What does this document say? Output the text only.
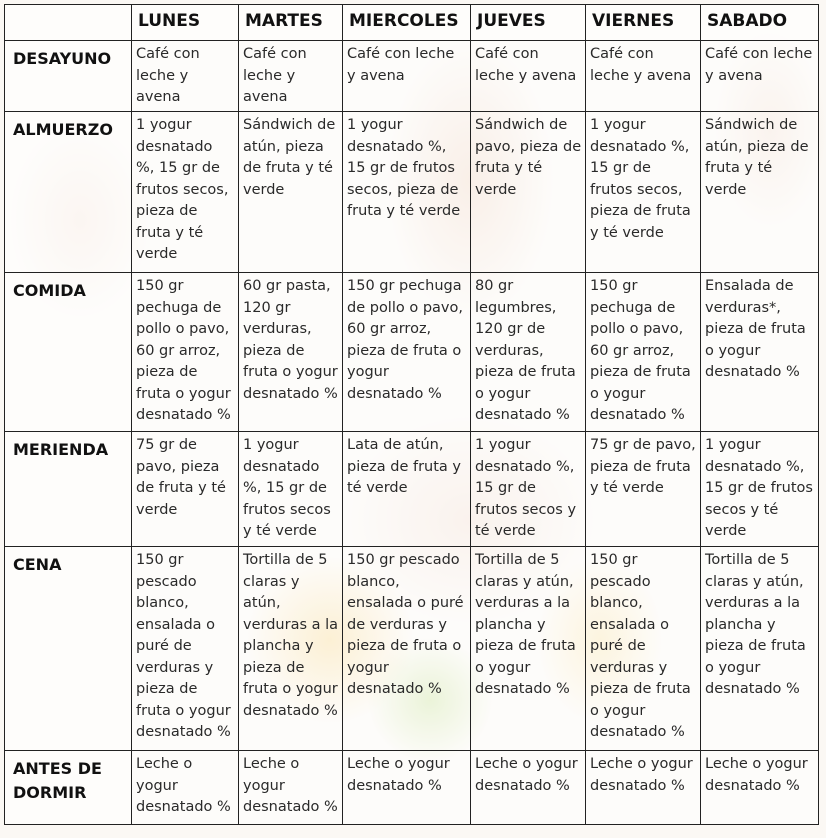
	LUNES	MARTES	MIERCOLES	JUEVES	VIERNES	SABADO
DESAYUNO	Café con leche y avena	Café con leche y avena	Café con leche y avena	Café con leche y avena	Café con leche y avena	Café con leche y avena
ALMUERZO	1 yogur desnatado %, 15 gr de frutos secos, pieza de fruta y té verde	Sándwich de atún, pieza de fruta y té verde	1 yogur desnatado %, 15 gr de frutos secos, pieza de fruta y té verde	Sándwich de pavo, pieza de fruta y té verde	1 yogur desnatado %, 15 gr de frutos secos, pieza de fruta y té verde	Sándwich de atún, pieza de fruta y té verde
COMIDA	150 gr pechuga de pollo o pavo, 60 gr arroz, pieza de fruta o yogur desnatado %	60 gr pasta, 120 gr verduras, pieza de fruta o yogur desnatado %	150 gr pechuga de pollo o pavo, 60 gr arroz, pieza de fruta o yogur desnatado %	80 gr legumbres, 120 gr de verduras, pieza de fruta o yogur desnatado %	150 gr pechuga de pollo o pavo, 60 gr arroz, pieza de fruta o yogur desnatado %	Ensalada de verduras*, pieza de fruta o yogur desnatado %
MERIENDA	75 gr de pavo, pieza de fruta y té verde	1 yogur desnatado %, 15 gr de frutos secos y té verde	Lata de atún, pieza de fruta y té verde	1 yogur desnatado %, 15 gr de frutos secos y té verde	75 gr de pavo, pieza de fruta y té verde	1 yogur desnatado %, 15 gr de frutos secos y té verde
CENA	150 gr pescado blanco, ensalada o puré de verduras y pieza de fruta o yogur desnatado %	Tortilla de 5 claras y atún, verduras a la plancha y pieza de fruta o yogur desnatado %	150 gr pescado blanco, ensalada o puré de verduras y pieza de fruta o yogur desnatado %	Tortilla de 5 claras y atún, verduras a la plancha y pieza de fruta o yogur desnatado %	150 gr pescado blanco, ensalada o puré de verduras y pieza de fruta o yogur desnatado %	Tortilla de 5 claras y atún, verduras a la plancha y pieza de fruta o yogur desnatado %
ANTES DE DORMIR	Leche o yogur desnatado %	Leche o yogur desnatado %	Leche o yogur desnatado %	Leche o yogur desnatado %	Leche o yogur desnatado %	Leche o yogur desnatado %
